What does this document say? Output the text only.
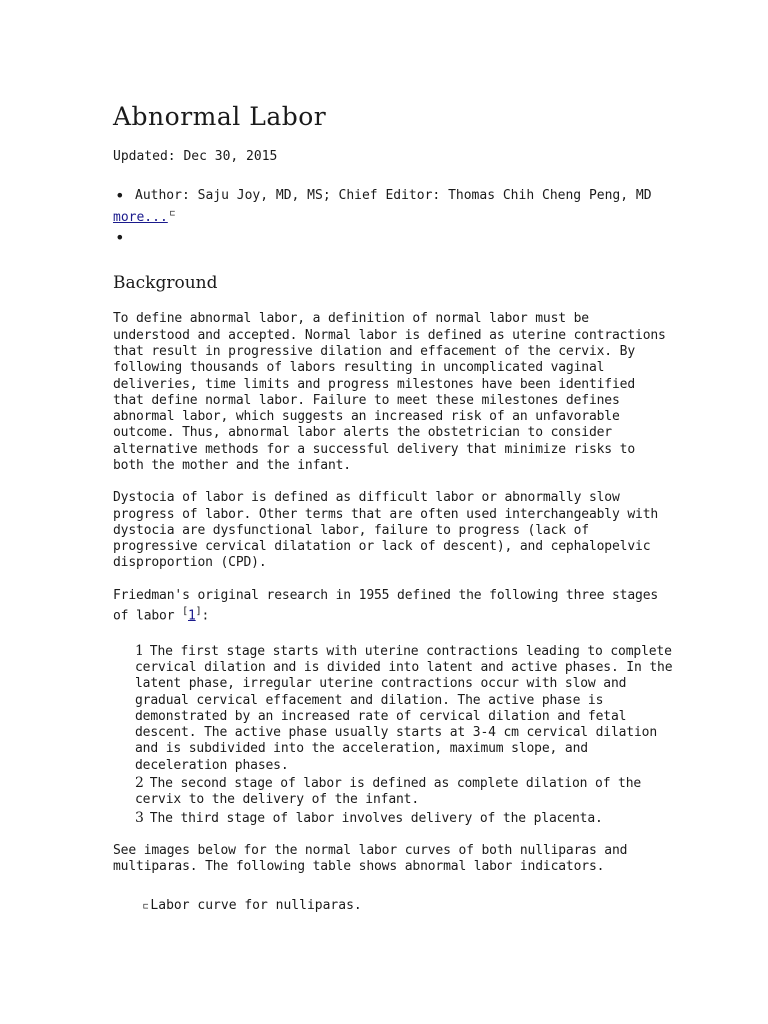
Abnormal Labor
Updated: Dec 30, 2015
• Author: Saju Joy, MD, MS; Chief Editor: Thomas Chih Cheng Peng, MD
more... ⊏
•
Background

To define abnormal labor, a definition of normal labor must be understood and accepted. Normal labor is defined as uterine contractions that result in progressive dilation and effacement of the cervix. By following thousands of labors resulting in uncomplicated vaginal deliveries, time limits and progress milestones have been identified that define normal labor. Failure to meet these milestones defines abnormal labor, which suggests an increased risk of an unfavorable outcome. Thus, abnormal labor alerts the obstetrician to consider alternative methods for a successful delivery that minimize risks to both the mother and the infant.

Dystocia of labor is defined as difficult labor or abnormally slow progress of labor. Other terms that are often used interchangeably with dystocia are dysfunctional labor, failure to progress (lack of progressive cervical dilatation or lack of descent), and cephalopelvic disproportion (CPD).

Friedman's original research in 1955 defined the following three stages of labor [1]:

1 The first stage starts with uterine contractions leading to complete cervical dilation and is divided into latent and active phases. In the latent phase, irregular uterine contractions occur with slow and gradual cervical effacement and dilation. The active phase is demonstrated by an increased rate of cervical dilation and fetal descent. The active phase usually starts at 3-4 cm cervical dilation and is subdivided into the acceleration, maximum slope, and deceleration phases.
2 The second stage of labor is defined as complete dilation of the cervix to the delivery of the infant.
3 The third stage of labor involves delivery of the placenta.

See images below for the normal labor curves of both nulliparas and multiparas. The following table shows abnormal labor indicators.

⊏ Labor curve for nulliparas.
